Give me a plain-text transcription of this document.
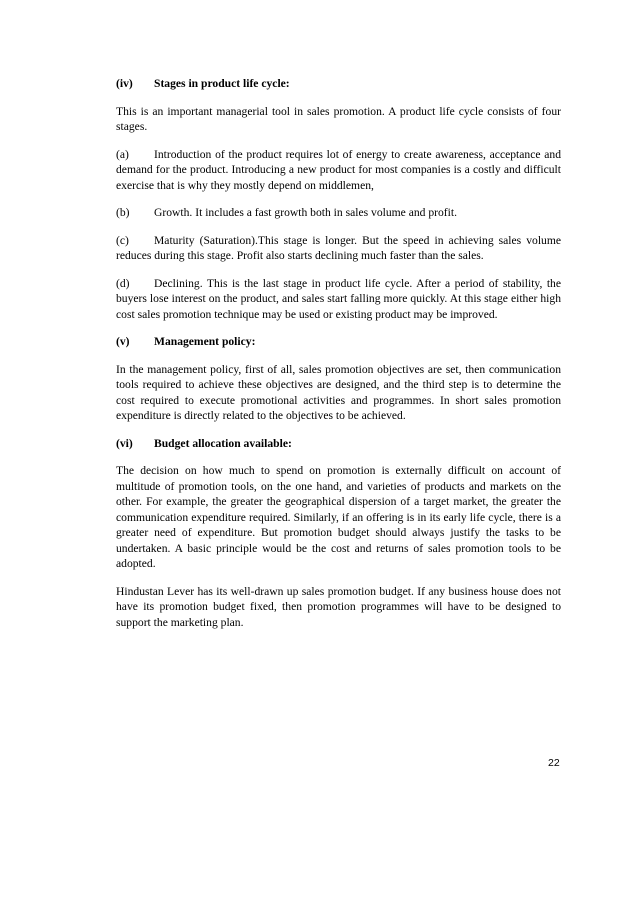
(iv)	Stages in product life cycle:

This is an important managerial tool in sales promotion. A product life cycle consists of four stages.

(a) Introduction of the product requires lot of energy to create awareness, acceptance and demand for the product. Introducing a new product for most companies is a costly and difficult exercise that is why they mostly depend on middlemen,

(b) Growth. It includes a fast growth both in sales volume and profit.

(c) Maturity (Saturation).This stage is longer. But the speed in achieving sales volume reduces during this stage. Profit also starts declining much faster than the sales.

(d) Declining. This is the last stage in product life cycle. After a period of stability, the buyers lose interest on the product, and sales start falling more quickly. At this stage either high cost sales promotion technique may be used or existing product may be improved.

(v)	Management policy:

In the management policy, first of all, sales promotion objectives are set, then communication tools required to achieve these objectives are designed, and the third step is to determine the cost required to execute promotional activities and programmes. In short sales promotion expenditure is directly related to the objectives to be achieved.

(vi)	Budget allocation available:

The decision on how much to spend on promotion is externally difficult on account of multitude of promotion tools, on the one hand, and varieties of products and markets on the other. For example, the greater the geographical dispersion of a target market, the greater the communication expenditure required. Similarly, if an offering is in its early life cycle, there is a greater need of expenditure. But promotion budget should always justify the tasks to be undertaken. A basic principle would be the cost and returns of sales promotion tools to be adopted.

Hindustan Lever has its well-drawn up sales promotion budget. If any business house does not have its promotion budget fixed, then promotion programmes will have to be designed to support the marketing plan.

22
